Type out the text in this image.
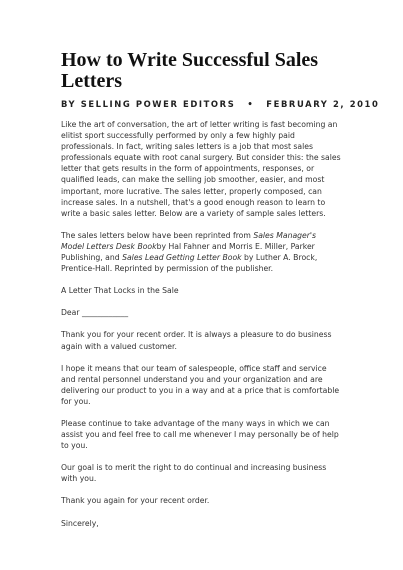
How to Write Successful Sales Letters
BY SELLING POWER EDITORS • FEBRUARY 2, 2010

Like the art of conversation, the art of letter writing is fast becoming an elitist sport successfully performed by only a few highly paid professionals. In fact, writing sales letters is a job that most sales professionals equate with root canal surgery. But consider this: the sales letter that gets results in the form of appointments, responses, or qualified leads, can make the selling job smoother, easier, and most important, more lucrative. The sales letter, properly composed, can increase sales. In a nutshell, that's a good enough reason to learn to write a basic sales letter. Below are a variety of sample sales letters.

The sales letters below have been reprinted from Sales Manager's Model Letters Desk Bookby Hal Fahner and Morris E. Miller, Parker Publishing, and Sales Lead Getting Letter Book by Luther A. Brock, Prentice-Hall. Reprinted by permission of the publisher.

A Letter That Locks in the Sale

Dear ____________

Thank you for your recent order. It is always a pleasure to do business again with a valued customer.

I hope it means that our team of salespeople, office staff and service and rental personnel understand you and your organization and are delivering our product to you in a way and at a price that is comfortable for you.

Please continue to take advantage of the many ways in which we can assist you and feel free to call me whenever I may personally be of help to you.

Our goal is to merit the right to do continual and increasing business with you.

Thank you again for your recent order.

Sincerely,
